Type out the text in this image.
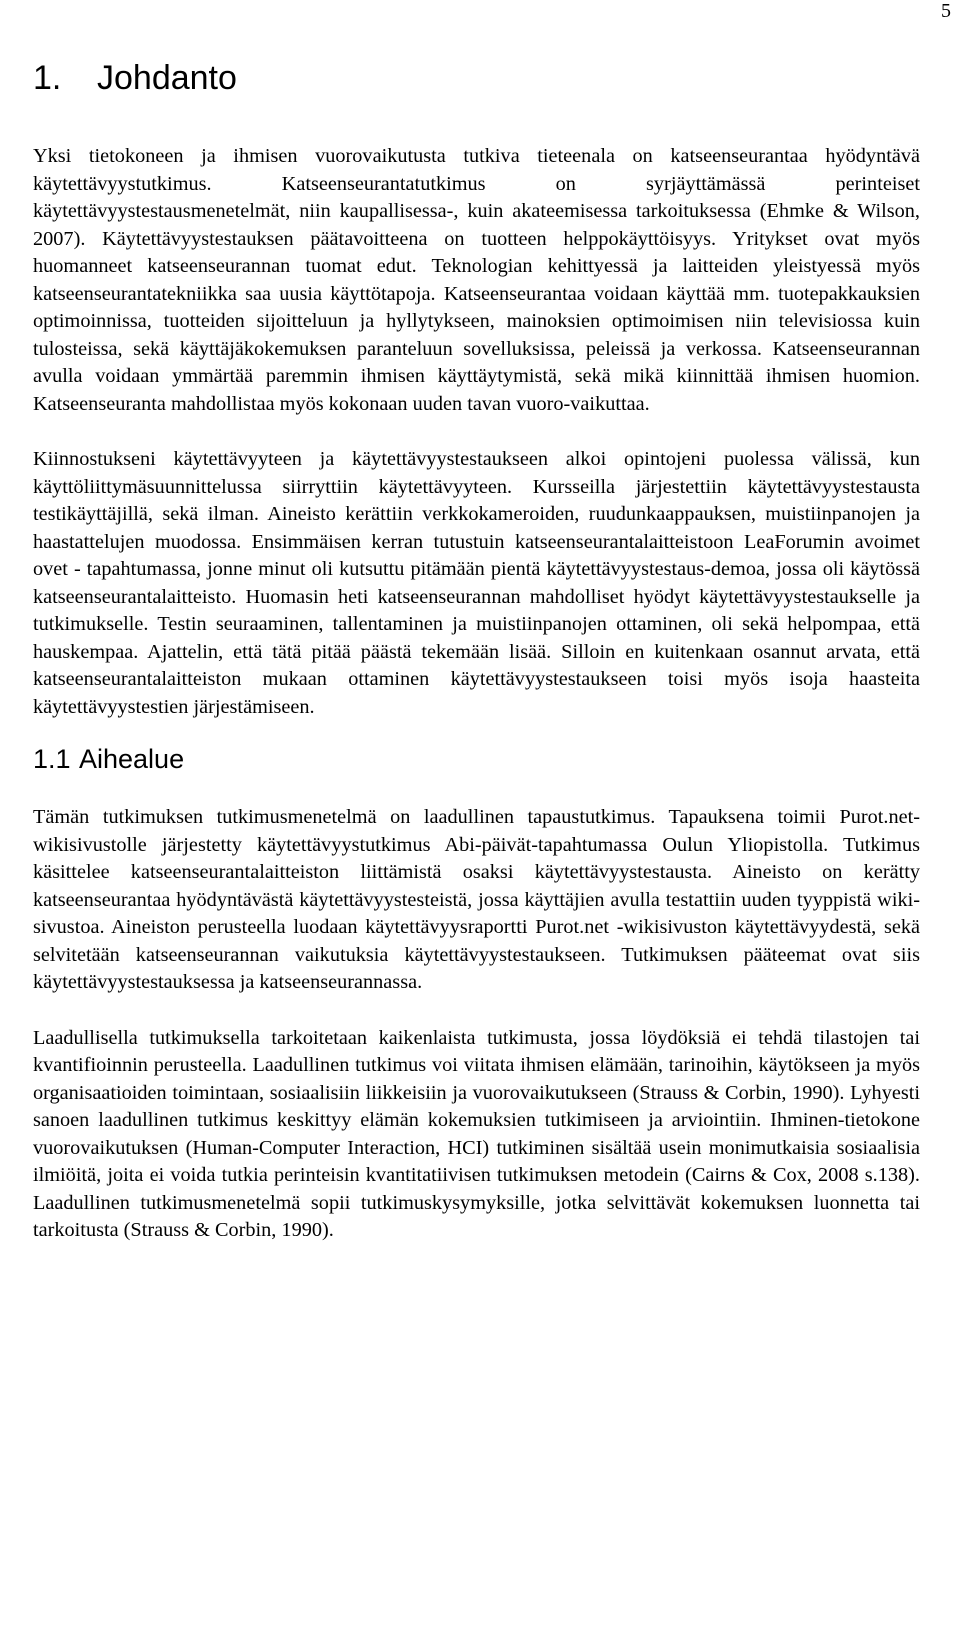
5
1.	Johdanto

Yksi tietokoneen ja ihmisen vuorovaikutusta tutkiva tieteenala on katseenseurantaa hyödyntävä käytettävyystutkimus. Katseenseurantatutkimus on syrjäyttämässä perinteiset käytettävyystestausmenetelmät, niin kaupallisessa-, kuin akateemisessa tarkoituksessa (Ehmke & Wilson, 2007). Käytettävyystestauksen päätavoitteena on tuotteen helppokäyttöisyys. Yritykset ovat myös huomanneet katseenseurannan tuomat edut. Teknologian kehittyessä ja laitteiden yleistyessä myös katseenseurantatekniikka saa uusia käyttötapoja. Katseenseurantaa voidaan käyttää mm. tuotepakkauksien optimoinnissa, tuotteiden sijoitteluun ja hyllytykseen, mainoksien optimoimisen niin televisiossa kuin tulosteissa, sekä käyttäjäkokemuksen paranteluun sovelluksissa, peleissä ja verkossa. Katseenseurannan avulla voidaan ymmärtää paremmin ihmisen käyttäytymistä, sekä mikä kiinnittää ihmisen huomion. Katseenseuranta mahdollistaa myös kokonaan uuden tavan vuoro-vaikuttaa.

Kiinnostukseni käytettävyyteen ja käytettävyystestaukseen alkoi opintojeni puolessa välissä, kun käyttöliittymäsuunnittelussa siirryttiin käytettävyyteen. Kursseilla järjestettiin käytettävyystestausta testikäyttäjillä, sekä ilman. Aineisto kerättiin verkkokameroiden, ruudunkaappauksen, muistiinpanojen ja haastattelujen muodossa. Ensimmäisen kerran tutustuin katseenseurantalaitteistoon LeaForumin avoimet ovet - tapahtumassa, jonne minut oli kutsuttu pitämään pientä käytettävyystestaus-demoa, jossa oli käytössä katseenseurantalaitteisto. Huomasin heti katseenseurannan mahdolliset hyödyt käytettävyystestaukselle ja tutkimukselle. Testin seuraaminen, tallentaminen ja muistiinpanojen ottaminen, oli sekä helpompaa, että hauskempaa. Ajattelin, että tätä pitää päästä tekemään lisää. Silloin en kuitenkaan osannut arvata, että katseenseurantalaitteiston mukaan ottaminen käytettävyystestaukseen toisi myös isoja haasteita käytettävyystestien järjestämiseen.

1.1 Aihealue

Tämän tutkimuksen tutkimusmenetelmä on laadullinen tapaustutkimus. Tapauksena toimii Purot.net-wikisivustolle järjestetty käytettävyystutkimus Abi-päivät-tapahtumassa Oulun Yliopistolla. Tutkimus käsittelee katseenseurantalaitteiston liittämistä osaksi käytettävyystestausta. Aineisto on kerätty katseenseurantaa hyödyntävästä käytettävyystesteistä, jossa käyttäjien avulla testattiin uuden tyyppistä wiki-sivustoa. Aineiston perusteella luodaan käytettävyysraportti Purot.net -wikisivuston käytettävyydestä, sekä selvitetään katseenseurannan vaikutuksia käytettävyystestaukseen. Tutkimuksen pääteemat ovat siis käytettävyystestauksessa ja katseenseurannassa.

Laadullisella tutkimuksella tarkoitetaan kaikenlaista tutkimusta, jossa löydöksiä ei tehdä tilastojen tai kvantifioinnin perusteella. Laadullinen tutkimus voi viitata ihmisen elämään, tarinoihin, käytökseen ja myös organisaatioiden toimintaan, sosiaalisiin liikkeisiin ja vuorovaikutukseen (Strauss & Corbin, 1990). Lyhyesti sanoen laadullinen tutkimus keskittyy elämän kokemuksien tutkimiseen ja arviointiin. Ihminen-tietokone vuorovaikutuksen (Human-Computer Interaction, HCI) tutkiminen sisältää usein monimutkaisia sosiaalisia ilmiöitä, joita ei voida tutkia perinteisin kvantitatiivisen tutkimuksen metodein (Cairns & Cox, 2008 s.138). Laadullinen tutkimusmenetelmä sopii tutkimuskysymyksille, jotka selvittävät kokemuksen luonnetta tai tarkoitusta (Strauss & Corbin, 1990).
